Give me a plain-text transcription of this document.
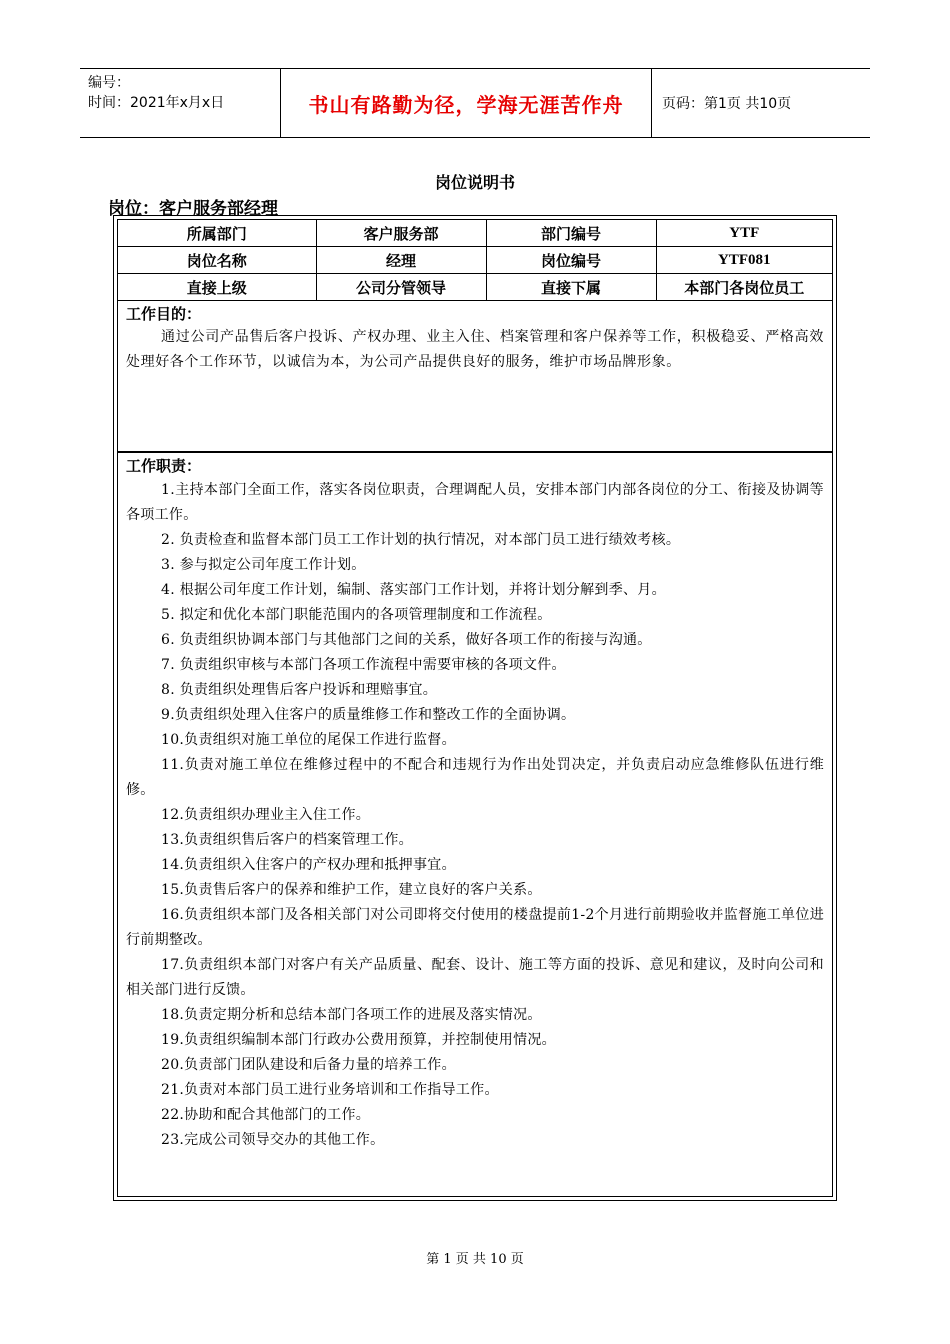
编号：
时间：2021年x月x日	书山有路勤为径，学海无涯苦作舟	页码：第1页 共10页
岗位说明书
岗位：客户服务部经理
所属部门	客户服务部	部门编号	YTF
岗位名称	经理	岗位编号	YTF081
直接上级	公司分管领导	直接下属	本部门各岗位员工
工作目的：

通过公司产品售后客户投诉、产权办理、业主入住、档案管理和客户保养等工作，积极稳妥、严格高效处理好各个工作环节，以诚信为本，为公司产品提供良好的服务，维护市场品牌形象。

工作职责：
1.主持本部门全面工作，落实各岗位职责，合理调配人员，安排本部门内部各岗位的分工、衔接及协调等各项工作。
2. 负责检查和监督本部门员工工作计划的执行情况，对本部门员工进行绩效考核。
3. 参与拟定公司年度工作计划。
4. 根据公司年度工作计划，编制、落实部门工作计划，并将计划分解到季、月。
5. 拟定和优化本部门职能范围内的各项管理制度和工作流程。
6. 负责组织协调本部门与其他部门之间的关系，做好各项工作的衔接与沟通。
7. 负责组织审核与本部门各项工作流程中需要审核的各项文件。
8. 负责组织处理售后客户投诉和理赔事宜。
9.负责组织处理入住客户的质量维修工作和整改工作的全面协调。
10.负责组织对施工单位的尾保工作进行监督。
11.负责对施工单位在维修过程中的不配合和违规行为作出处罚决定，并负责启动应急维修队伍进行维修。
12.负责组织办理业主入住工作。
13.负责组织售后客户的档案管理工作。
14.负责组织入住客户的产权办理和抵押事宜。
15.负责售后客户的保养和维护工作，建立良好的客户关系。
16.负责组织本部门及各相关部门对公司即将交付使用的楼盘提前1-2个月进行前期验收并监督施工单位进行前期整改。
17.负责组织本部门对客户有关产品质量、配套、设计、施工等方面的投诉、意见和建议，及时向公司和相关部门进行反馈。
18.负责定期分析和总结本部门各项工作的进展及落实情况。
19.负责组织编制本部门行政办公费用预算，并控制使用情况。
20.负责部门团队建设和后备力量的培养工作。
21.负责对本部门员工进行业务培训和工作指导工作。
22.协助和配合其他部门的工作。
23.完成公司领导交办的其他工作。
第 1 页 共 10 页
